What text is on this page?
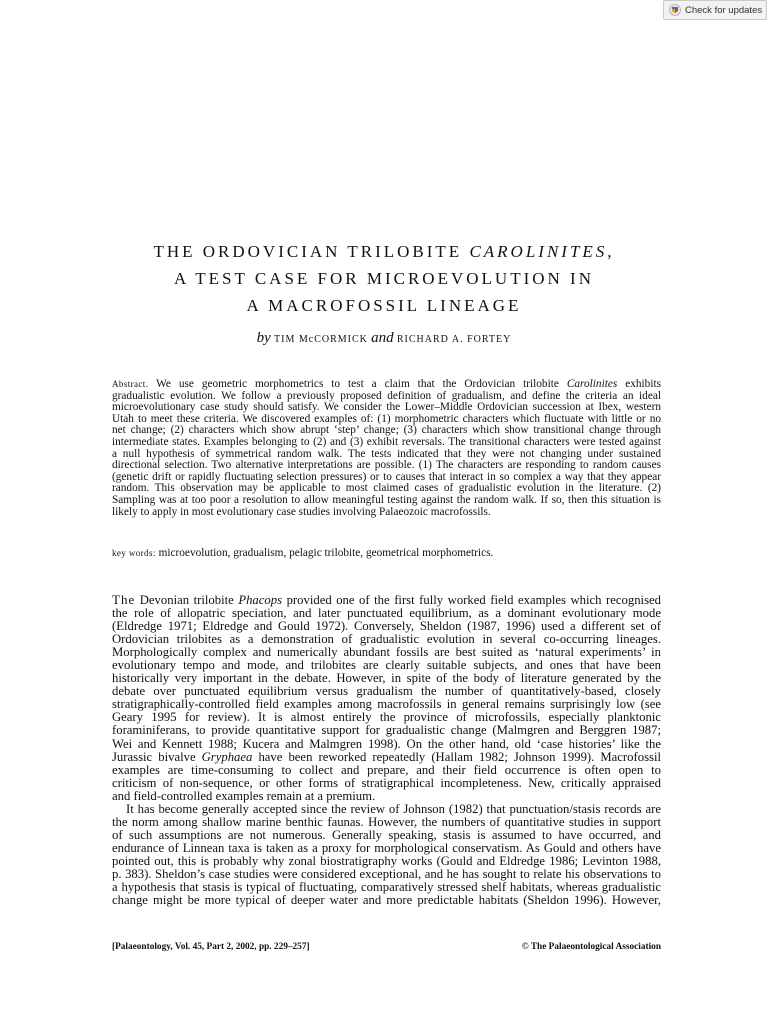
Check for updates
THE ORDOVICIAN TRILOBITE CAROLINITES,
A TEST CASE FOR MICROEVOLUTION IN
A MACROFOSSIL LINEAGE
by TIM McCORMICK and RICHARD A. FORTEY
Abstract. We use geometric morphometrics to test a claim that the Ordovician trilobite Carolinites exhibits
gradualistic evolution. We follow a previously proposed definition of gradualism, and define the criteria an ideal
microevolutionary case study should satisfy. We consider the Lower–Middle Ordovician succession at Ibex, western
Utah to meet these criteria. We discovered examples of: (1) morphometric characters which fluctuate with little or no
net change; (2) characters which show abrupt ‘step’ change; (3) characters which show transitional change through
intermediate states. Examples belonging to (2) and (3) exhibit reversals. The transitional characters were tested against
a null hypothesis of symmetrical random walk. The tests indicated that they were not changing under sustained
directional selection. Two alternative interpretations are possible. (1) The characters are responding to random causes
(genetic drift or rapidly fluctuating selection pressures) or to causes that interact in so complex a way that they appear
random. This observation may be applicable to most claimed cases of gradualistic evolution in the literature. (2)
Sampling was at too poor a resolution to allow meaningful testing against the random walk. If so, then this situation is
likely to apply in most evolutionary case studies involving Palaeozoic macrofossils.
key words: microevolution, gradualism, pelagic trilobite, geometrical morphometrics.
The Devonian trilobite Phacops provided one of the first fully worked field examples which recognised
the role of allopatric speciation, and later punctuated equilibrium, as a dominant evolutionary mode
(Eldredge 1971; Eldredge and Gould 1972). Conversely, Sheldon (1987, 1996) used a different set of
Ordovician trilobites as a demonstration of gradualistic evolution in several co-occurring lineages.
Morphologically complex and numerically abundant fossils are best suited as ‘natural experiments’ in
evolutionary tempo and mode, and trilobites are clearly suitable subjects, and ones that have been
historically very important in the debate. However, in spite of the body of literature generated by the
debate over punctuated equilibrium versus gradualism the number of quantitatively-based, closely
stratigraphically-controlled field examples among macrofossils in general remains surprisingly low (see
Geary 1995 for review). It is almost entirely the province of microfossils, especially planktonic
foraminiferans, to provide quantitative support for gradualistic change (Malmgren and Berggren 1987;
Wei and Kennett 1988; Kucera and Malmgren 1998). On the other hand, old ‘case histories’ like the
Jurassic bivalve Gryphaea have been reworked repeatedly (Hallam 1982; Johnson 1999). Macrofossil
examples are time-consuming to collect and prepare, and their field occurrence is often open to
criticism of non-sequence, or other forms of stratigraphical incompleteness. New, critically appraised
and field-controlled examples remain at a premium.
It has become generally accepted since the review of Johnson (1982) that punctuation/stasis records are
the norm among shallow marine benthic faunas. However, the numbers of quantitative studies in support
of such assumptions are not numerous. Generally speaking, stasis is assumed to have occurred, and
endurance of Linnean taxa is taken as a proxy for morphological conservatism. As Gould and others have
pointed out, this is probably why zonal biostratigraphy works (Gould and Eldredge 1986; Levinton 1988,
p. 383). Sheldon’s case studies were considered exceptional, and he has sought to relate his observations to
a hypothesis that stasis is typical of fluctuating, comparatively stressed shelf habitats, whereas gradualistic
change might be more typical of deeper water and more predictable habitats (Sheldon 1996). However,
[Palaeontology, Vol. 45, Part 2, 2002, pp. 229–257]	© The Palaeontological Association
